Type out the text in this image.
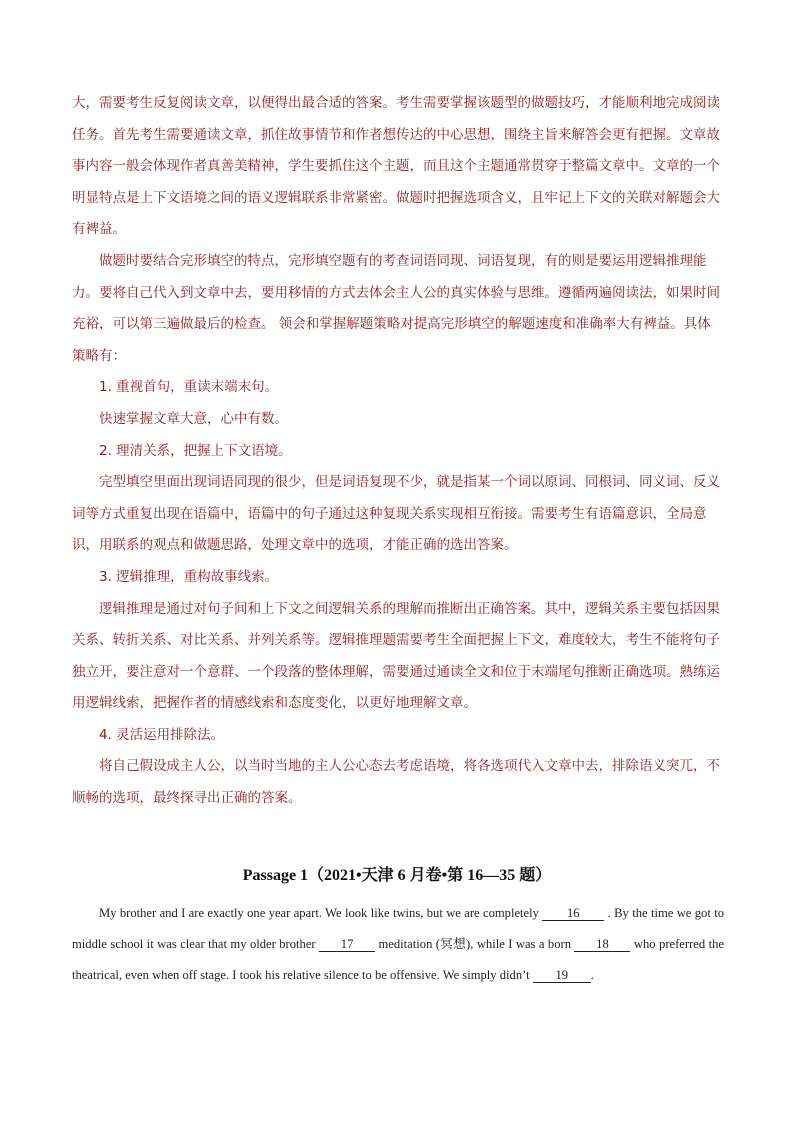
大，需要考生反复阅读文章，以便得出最合适的答案。考生需要掌握该题型的做题技巧，才能顺利地完成阅读任务。首先考生需要通读文章，抓住故事情节和作者想传达的中心思想，围绕主旨来解答会更有把握。文章故事内容一般会体现作者真善美精神，学生要抓住这个主题，而且这个主题通常贯穿于整篇文章中。文章的一个明显特点是上下文语境之间的语义逻辑联系非常紧密。做题时把握选项含义，且牢记上下文的关联对解题会大有裨益。

做题时要结合完形填空的特点，完形填空题有的考查词语同现、词语复现，有的则是要运用逻辑推理能力。要将自己代入到文章中去，要用移情的方式去体会主人公的真实体验与思维。遵循两遍阅读法，如果时间充裕，可以第三遍做最后的检查。 领会和掌握解题策略对提高完形填空的解题速度和准确率大有裨益。具体策略有：

1. 重视首句，重读末端末句。

快速掌握文章大意，心中有数。

2. 理清关系，把握上下文语境。

完型填空里面出现词语同现的很少，但是词语复现不少，就是指某一个词以原词、同根词、同义词、反义词等方式重复出现在语篇中，语篇中的句子通过这种复现关系实现相互衔接。需要考生有语篇意识，全局意识，用联系的观点和做题思路，处理文章中的选项，才能正确的选出答案。

3. 逻辑推理，重构故事线索。

逻辑推理是通过对句子间和上下文之间逻辑关系的理解而推断出正确答案。其中，逻辑关系主要包括因果关系、转折关系、对比关系、并列关系等。逻辑推理题需要考生全面把握上下文，难度较大，考生不能将句子独立开，要注意对一个意群、一个段落的整体理解，需要通过通读全文和位于末端尾句推断正确选项。熟练运用逻辑线索，把握作者的情感线索和态度变化，以更好地理解文章。

4. 灵活运用排除法。

将自己假设成主人公，以当时当地的主人公心态去考虑语境，将各选项代入文章中去，排除语义突兀，不顺畅的选项，最终探寻出正确的答案。

Passage 1（2021•天津 6 月卷•第 16—35 题）

My brother and I are exactly one year apart. We look like twins, but we are completely 16 . By the time we got to middle school it was clear that my older brother 17 meditation (冥想), while I was a born 18 who preferred the theatrical, even when off stage. I took his relative silence to be offensive. We simply didn’t 19 .
